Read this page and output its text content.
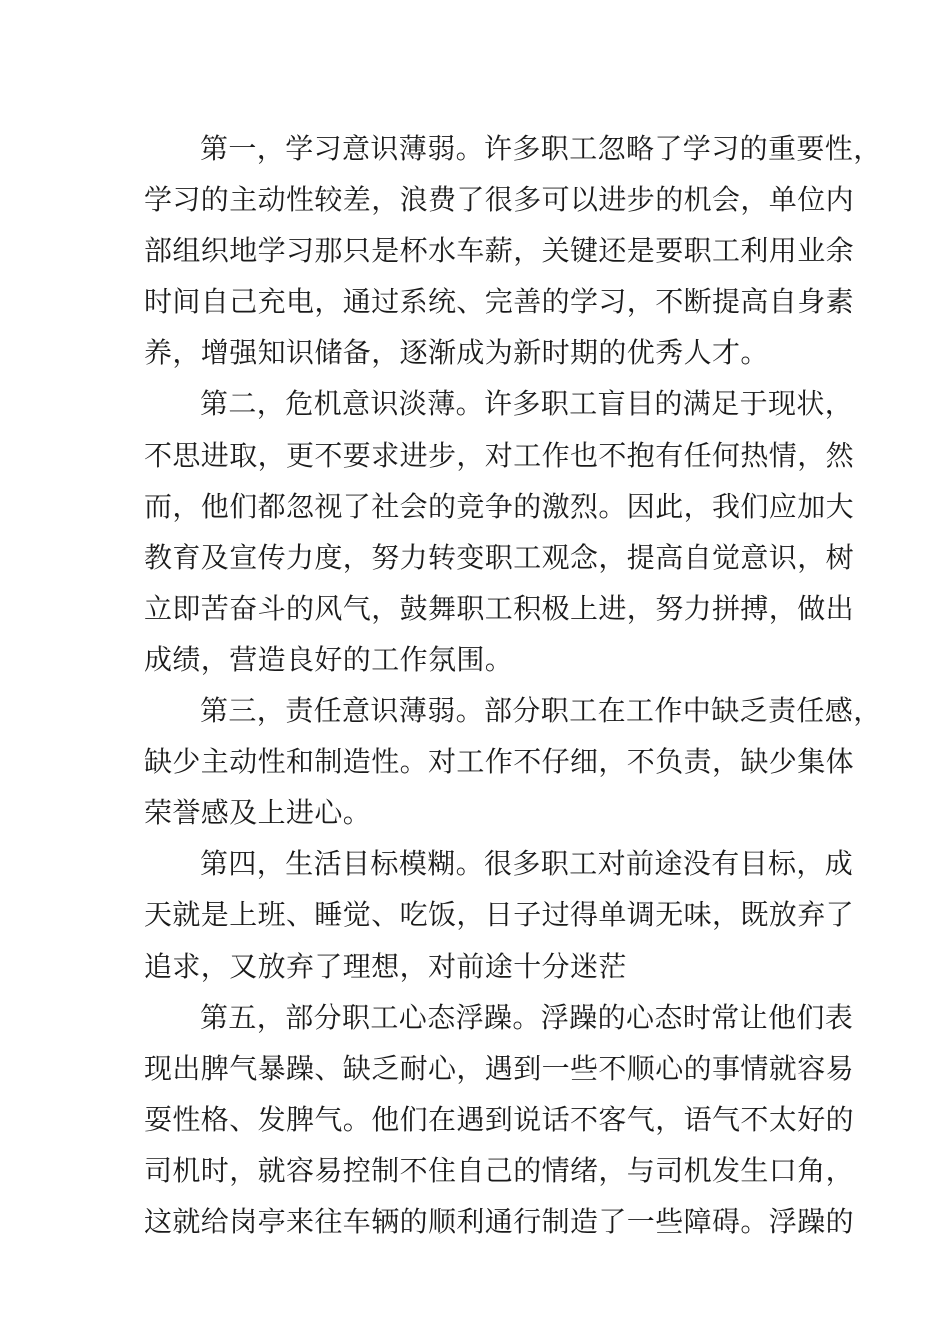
第一，学习意识薄弱。许多职工忽略了学习的重要性，
学习的主动性较差，浪费了很多可以进步的机会，单位内
部组织地学习那只是杯水车薪，关键还是要职工利用业余
时间自己充电，通过系统、完善的学习，不断提高自身素
养，增强知识储备，逐渐成为新时期的优秀人才。
第二，危机意识淡薄。许多职工盲目的满足于现状，
不思进取，更不要求进步，对工作也不抱有任何热情，然
而，他们都忽视了社会的竞争的激烈。因此，我们应加大
教育及宣传力度，努力转变职工观念，提高自觉意识，树
立即苦奋斗的风气，鼓舞职工积极上进，努力拼搏，做出
成绩，营造良好的工作氛围。
第三，责任意识薄弱。部分职工在工作中缺乏责任感，
缺少主动性和制造性。对工作不仔细，不负责，缺少集体
荣誉感及上进心。
第四，生活目标模糊。很多职工对前途没有目标，成
天就是上班、睡觉、吃饭，日子过得单调无味，既放弃了
追求，又放弃了理想，对前途十分迷茫
第五，部分职工心态浮躁。浮躁的心态时常让他们表
现出脾气暴躁、缺乏耐心，遇到一些不顺心的事情就容易
耍性格、发脾气。他们在遇到说话不客气，语气不太好的
司机时，就容易控制不住自己的情绪，与司机发生口角，
这就给岗亭来往车辆的顺利通行制造了一些障碍。浮躁的
